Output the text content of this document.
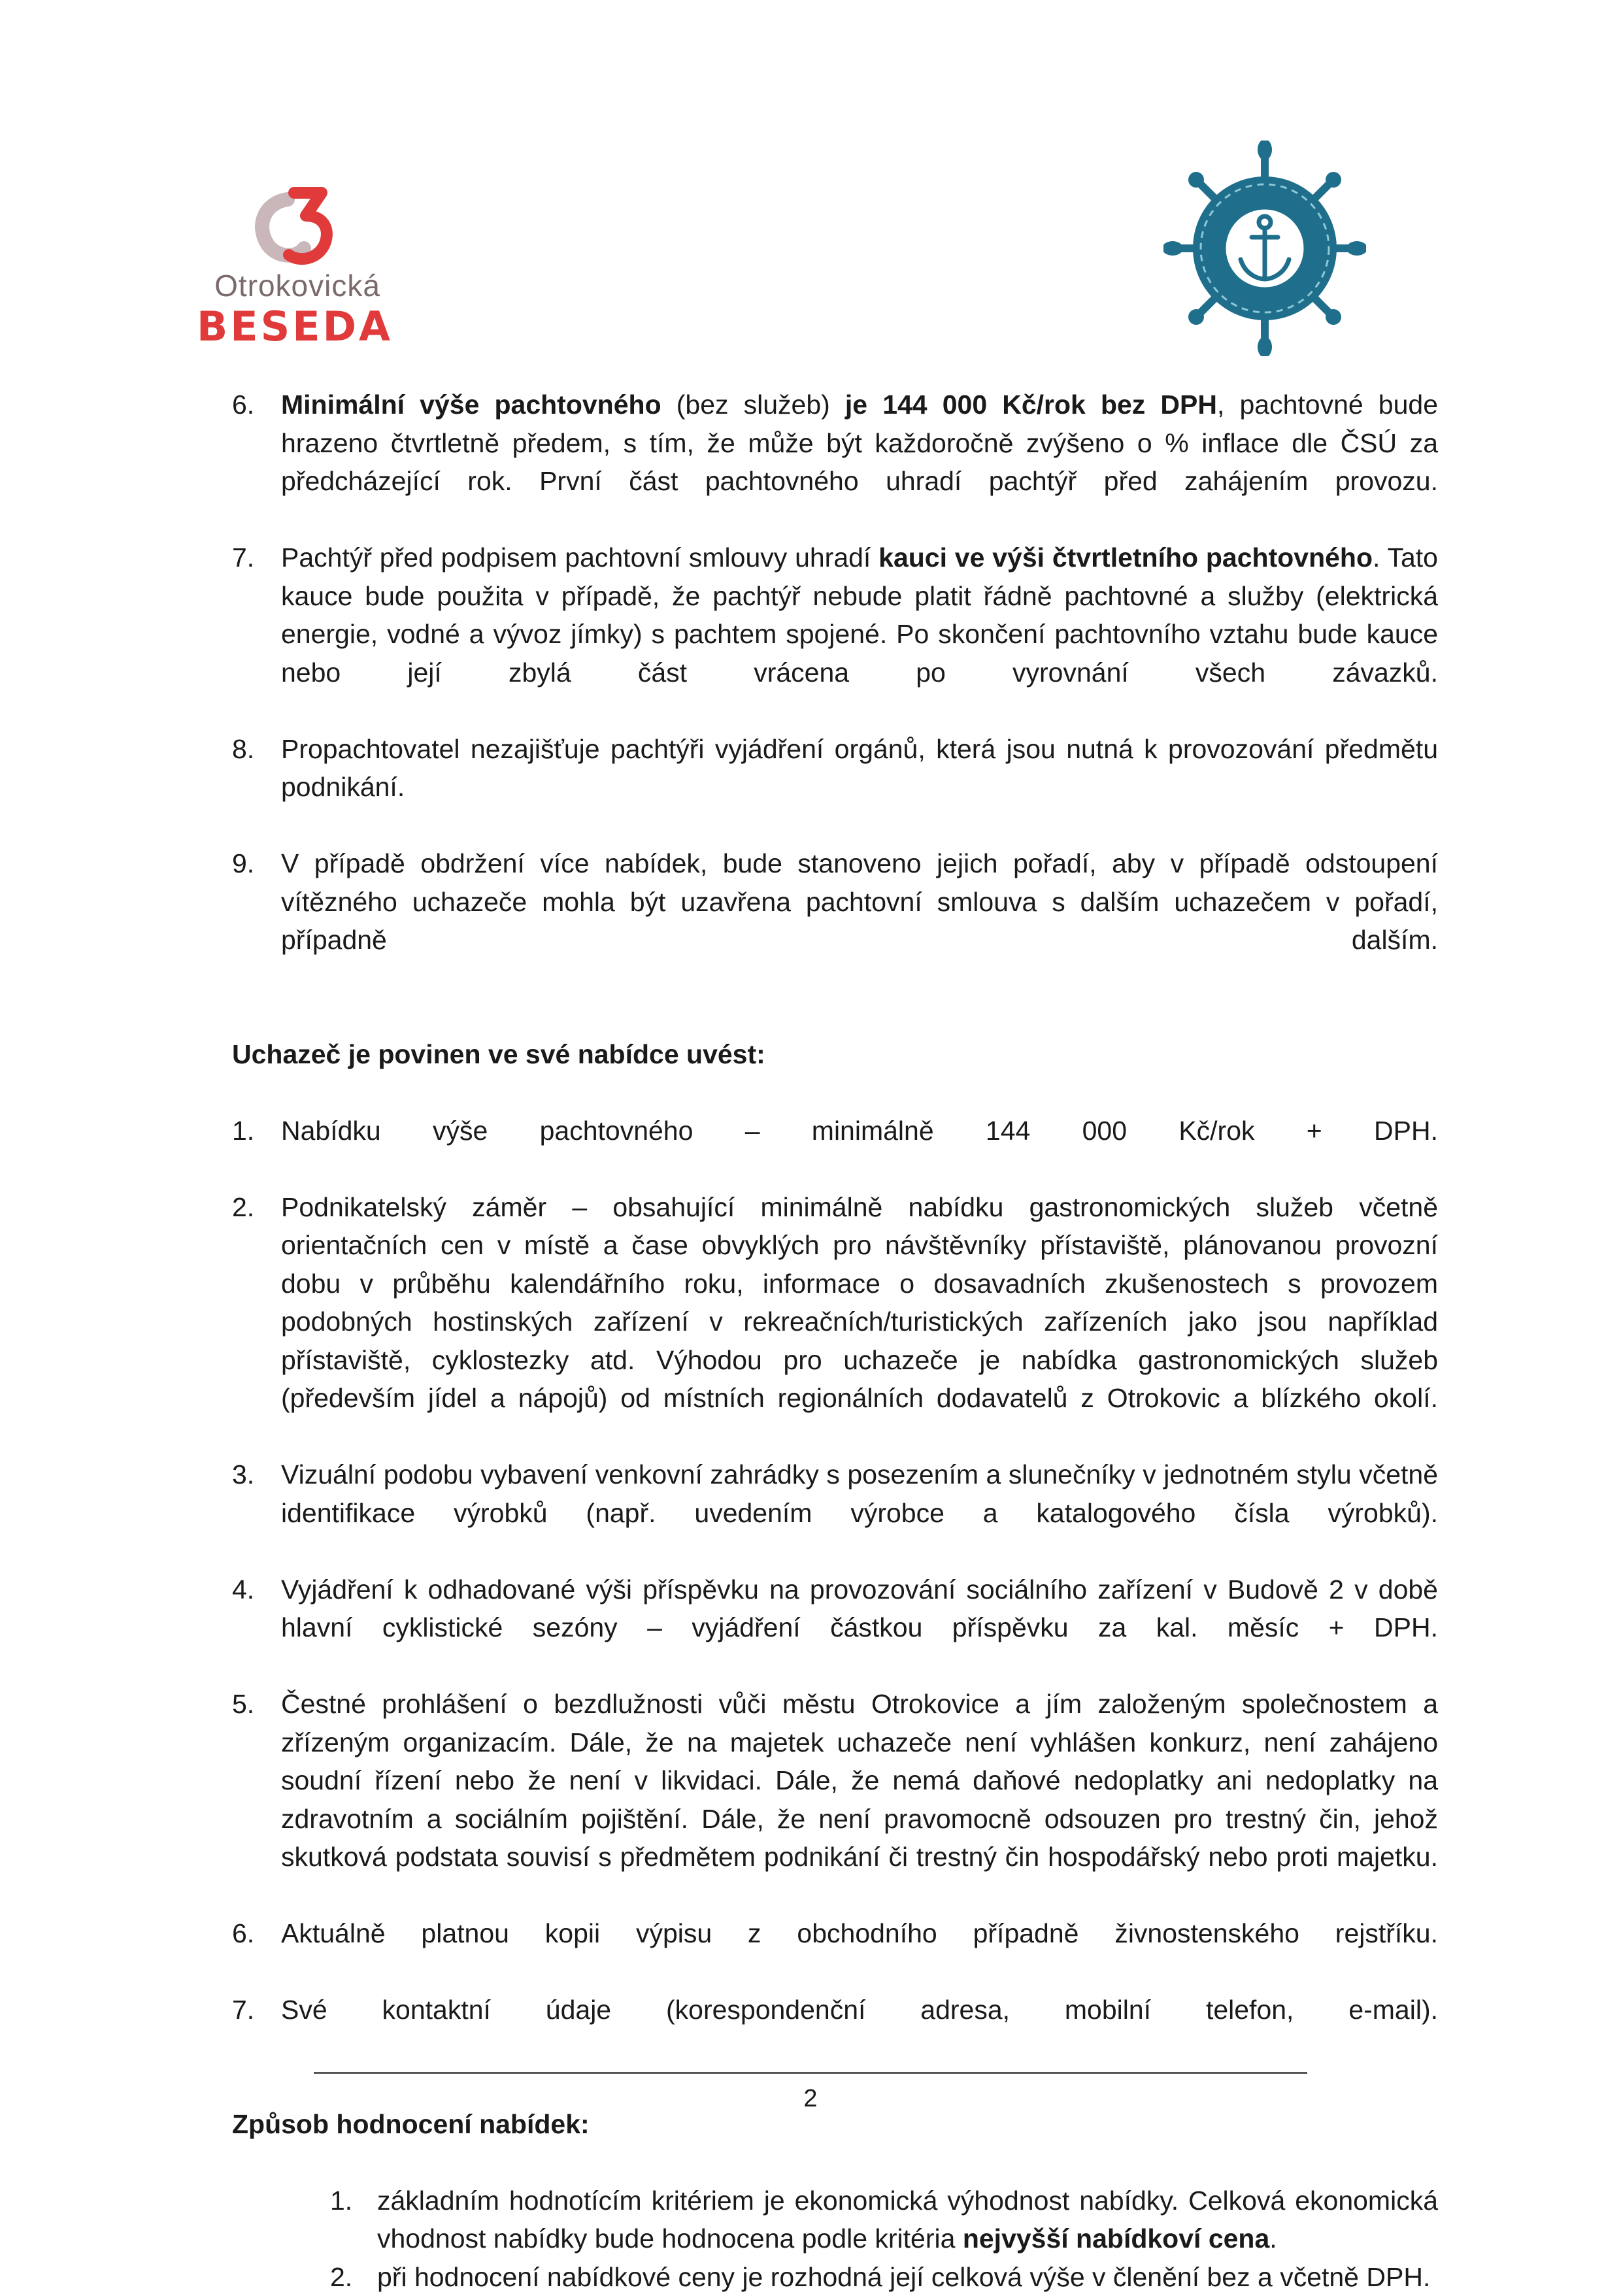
Otrokovická
BESEDA
6. Minimální výše pachtovného (bez služeb) je 144 000 Kč/rok bez DPH, pachtovné bude hrazeno čtvrtletně předem, s tím, že může být každoročně zvýšeno o % inflace dle ČSÚ za předcházející rok. První část pachtovného uhradí pachtýř před zahájením provozu.
7. Pachtýř před podpisem pachtovní smlouvy uhradí kauci ve výši čtvrtletního pachtovného. Tato kauce bude použita v případě, že pachtýř nebude platit řádně pachtovné a služby (elektrická energie, vodné a vývoz jímky) s pachtem spojené. Po skončení pachtovního vztahu bude kauce nebo její zbylá část vrácena po vyrovnání všech závazků.
8. Propachtovatel nezajišťuje pachtýři vyjádření orgánů, která jsou nutná k provozování předmětu podnikání.
9. V případě obdržení více nabídek, bude stanoveno jejich pořadí, aby v případě odstoupení vítězného uchazeče mohla být uzavřena pachtovní smlouva s dalším uchazečem v pořadí, případně dalším.

Uchazeč je povinen ve své nabídce uvést:

1. Nabídku výše pachtovného – minimálně 144 000 Kč/rok + DPH.
2. Podnikatelský záměr – obsahující minimálně nabídku gastronomických služeb včetně orientačních cen v místě a čase obvyklých pro návštěvníky přístaviště, plánovanou provozní dobu v průběhu kalendářního roku, informace o dosavadních zkušenostech s provozem podobných hostinských zařízení v rekreačních/turistických zařízeních jako jsou například přístaviště, cyklostezky atd. Výhodou pro uchazeče je nabídka gastronomických služeb (především jídel a nápojů) od místních regionálních dodavatelů z Otrokovic a blízkého okolí.
3. Vizuální podobu vybavení venkovní zahrádky s posezením a slunečníky v jednotném stylu včetně identifikace výrobků (např. uvedením výrobce a katalogového čísla výrobků).
4. Vyjádření k odhadované výši příspěvku na provozování sociálního zařízení v Budově 2 v době hlavní cyklistické sezóny – vyjádření částkou příspěvku za kal. měsíc + DPH.
5. Čestné prohlášení o bezdlužnosti vůči městu Otrokovice a jím založeným společnostem a zřízeným organizacím. Dále, že na majetek uchazeče není vyhlášen konkurz, není zahájeno soudní řízení nebo že není v likvidaci. Dále, že nemá daňové nedoplatky ani nedoplatky na zdravotním a sociálním pojištění. Dále, že není pravomocně odsouzen pro trestný čin, jehož skutková podstata souvisí s předmětem podnikání či trestný čin hospodářský nebo proti majetku.
6. Aktuálně platnou kopii výpisu z obchodního případně živnostenského rejstříku.
7. Své kontaktní údaje (korespondenční adresa, mobilní telefon, e-mail).

Způsob hodnocení nabídek:

1. základním hodnotícím kritériem je ekonomická výhodnost nabídky. Celková ekonomická vhodnost nabídky bude hodnocena podle kritéria nejvyšší nabídkoví cena.
2. při hodnocení nabídkové ceny je rozhodná její celková výše v členění bez a včetně DPH.
2
